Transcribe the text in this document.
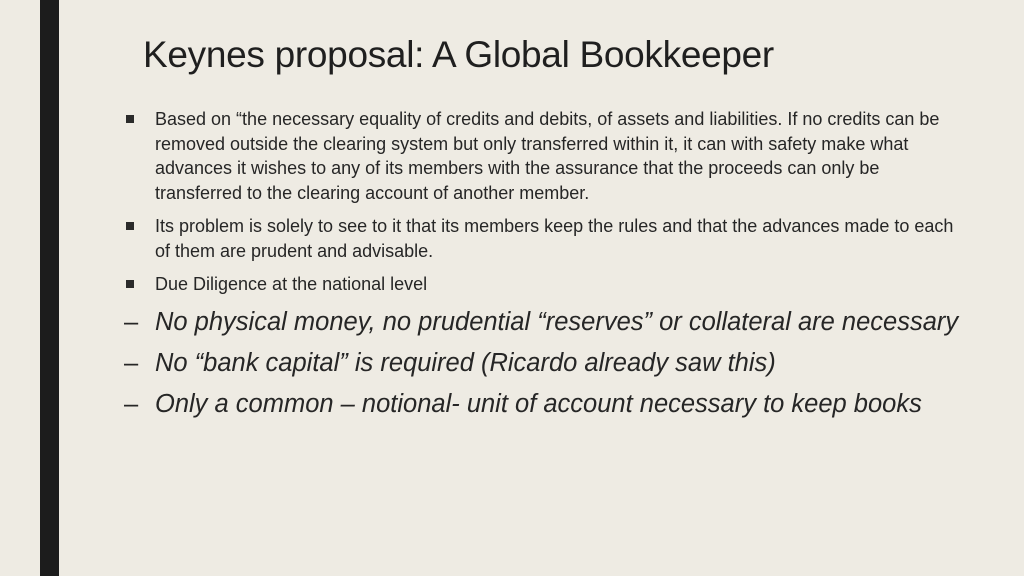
Keynes proposal: A Global Bookkeeper
Based on “the necessary equality of credits and debits, of assets and liabilities. If no credits can be removed outside the clearing system but only transferred within it, it can with safety make what advances it wishes to any of its members with the assurance that the proceeds can only be transferred to the clearing account of another member.
Its problem is solely to see to it that its members keep the rules and that the advances made to each of them are prudent and advisable.
Due Diligence at the national level
– No physical money, no prudential “reserves” or collateral are necessary
– No “bank capital” is required (Ricardo already saw this)
– Only a common – notional- unit of account necessary to keep books
